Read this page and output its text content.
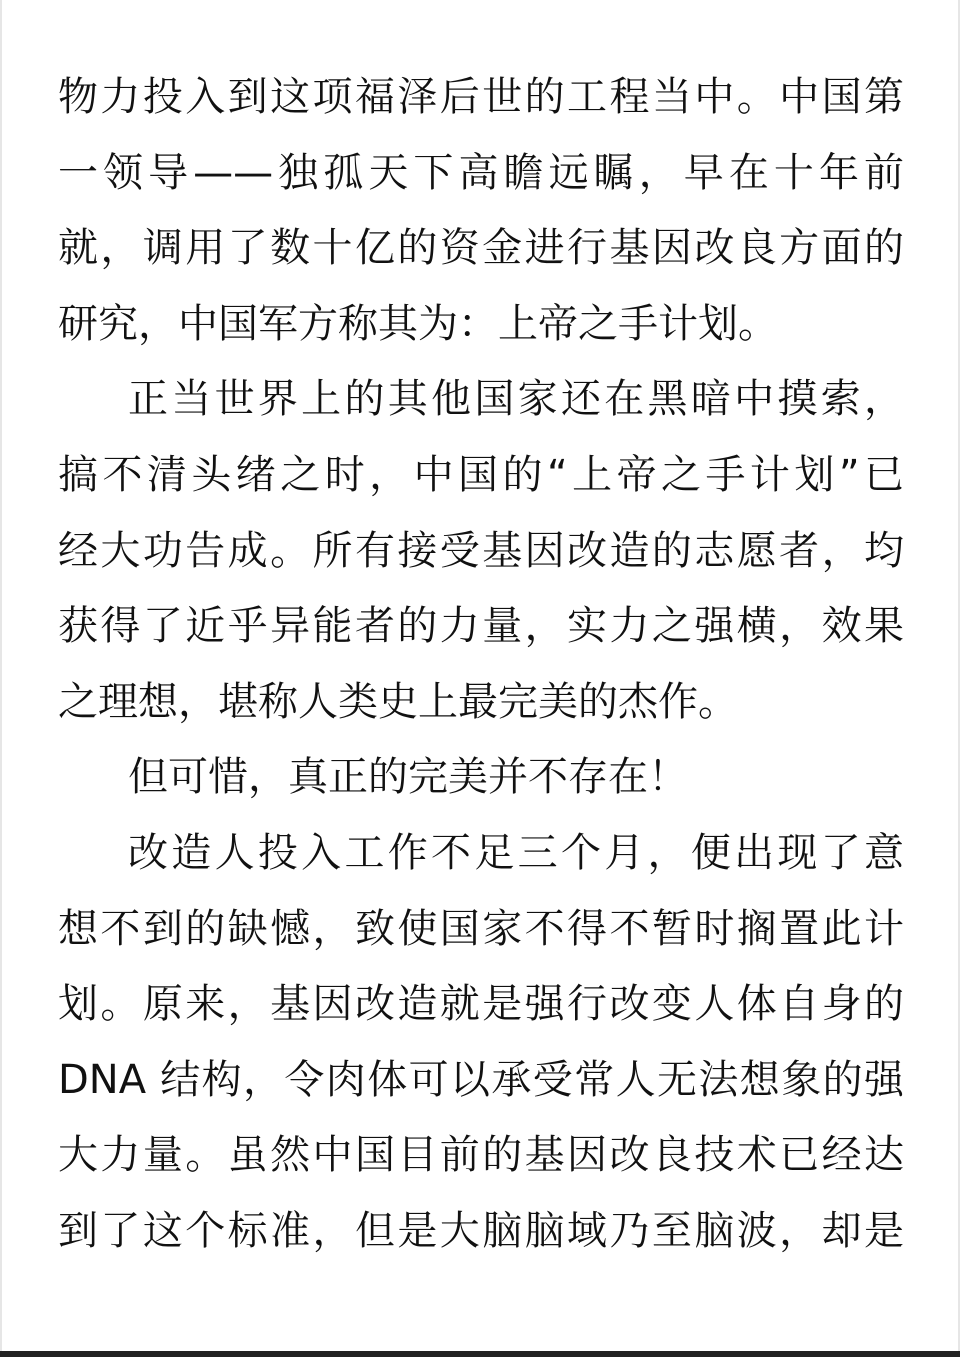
物力投入到这项福泽后世的工程当中。中国第
一领导——独孤天下高瞻远瞩，早在十年前
就，调用了数十亿的资金进行基因改良方面的
研究，中国军方称其为：上帝之手计划。
正当世界上的其他国家还在黑暗中摸索，
搞不清头绪之时，中国的“上帝之手计划”已
经大功告成。所有接受基因改造的志愿者，均
获得了近乎异能者的力量，实力之强横，效果
之理想，堪称人类史上最完美的杰作。
但可惜，真正的完美并不存在！
改造人投入工作不足三个月，便出现了意
想不到的缺憾，致使国家不得不暂时搁置此计
划。原来，基因改造就是强行改变人体自身的
DNA 结构，令肉体可以承受常人无法想象的强
大力量。虽然中国目前的基因改良技术已经达
到了这个标准，但是大脑脑域乃至脑波，却是
